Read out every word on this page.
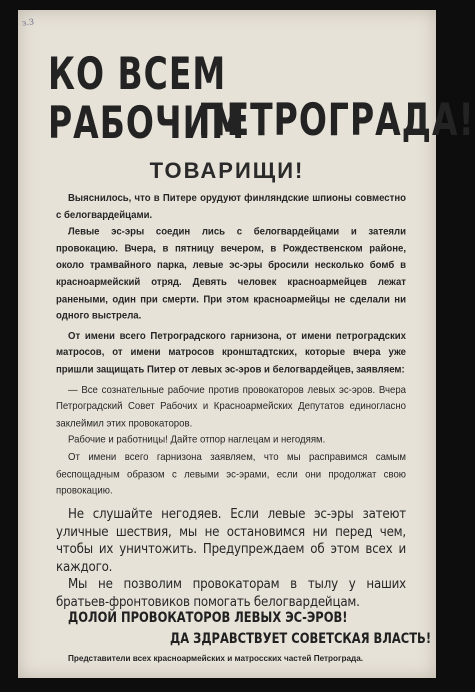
з.3
КО ВСЕМ РАБОЧИМ
ПЕТРОГРАДА!
ТОВАРИЩИ!

Выяснилось, что в Питере орудуют финляндские шпионы совместно с белогвардейцами.

Левые эс-эры соедин лись с белогвардейцами и затеяли провокацию. Вчера, в пятницу вечером, в Рождественском районе, около трамвайного парка, левые эс-эры бросили несколько бомб в красноармейский отряд. Девять человек красноармейцев лежат ранеными, один при смерти. При этом красноармейцы не сделали ни одного выстрела.

От имени всего Петроградского гарнизона, от имени петроградских матросов, от имени матросов кронштадтских, которые вчера уже пришли защищать Питер от левых эс-эров и белогвардейцев, заявляем:

— Все сознательные рабочие против провокаторов левых эс-эров. Вчера Петроградский Совет Рабочих и Красноармейских Депутатов единогласно заклеймил этих провокаторов.

Рабочие и работницы! Дайте отпор наглецам и негодяям.

От имени всего гарнизона заявляем, что мы расправимся самым беспощадным образом с левыми эс-эрами, если они продолжат свою провокацию.

Не слушайте негодяев. Если левые эс-эры затеют уличные шествия, мы не остановимся ни перед чем, чтобы их уничтожить. Предупреждаем об этом всех и каждого.

Мы не позволим провокаторам в тылу у наших братьев-фронтовиков помогать белогвардейцам.

ДОЛОЙ ПРОВОКАТОРОВ ЛЕВЫХ ЭС-ЭРОВ!
ДА ЗДРАВСТВУЕТ СОВЕТСКАЯ ВЛАСТЬ!
Представители всех красноармейских и матросских частей Петрограда.
